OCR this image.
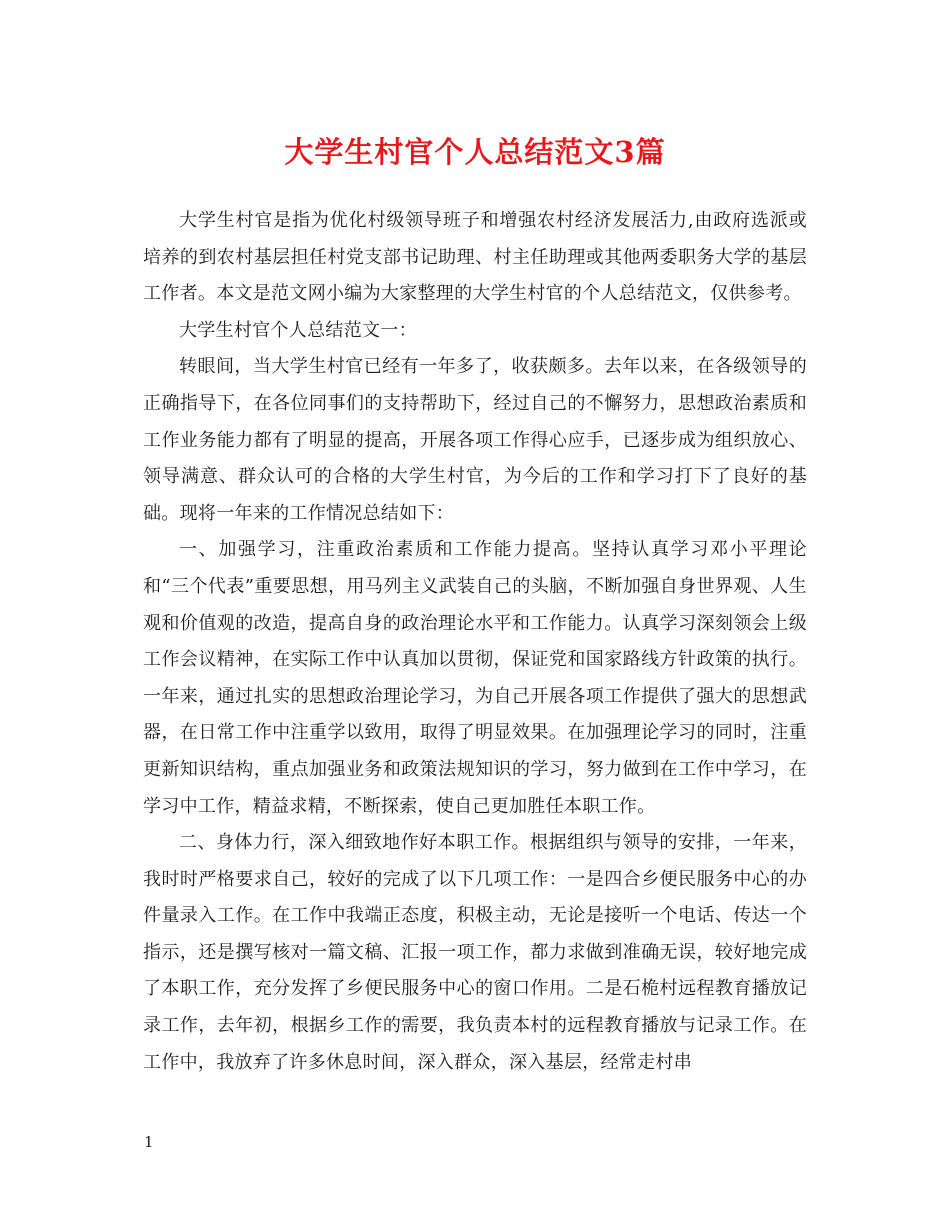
大学生村官个人总结范文3篇

大学生村官是指为优化村级领导班子和增强农村经济发展活力,由政府选派或培养的到农村基层担任村党支部书记助理、村主任助理或其他两委职务大学的基层工作者。本文是范文网小编为大家整理的大学生村官的个人总结范文，仅供参考。

大学生村官个人总结范文一：

转眼间，当大学生村官已经有一年多了，收获颇多。去年以来，在各级领导的正确指导下，在各位同事们的支持帮助下，经过自己的不懈努力，思想政治素质和工作业务能力都有了明显的提高，开展各项工作得心应手，已逐步成为组织放心、领导满意、群众认可的合格的大学生村官，为今后的工作和学习打下了良好的基础。现将一年来的工作情况总结如下：

一、加强学习，注重政治素质和工作能力提高。坚持认真学习邓小平理论和“三个代表”重要思想，用马列主义武装自己的头脑，不断加强自身世界观、人生观和价值观的改造，提高自身的政治理论水平和工作能力。认真学习深刻领会上级工作会议精神，在实际工作中认真加以贯彻，保证党和国家路线方针政策的执行。一年来，通过扎实的思想政治理论学习，为自己开展各项工作提供了强大的思想武器，在日常工作中注重学以致用，取得了明显效果。在加强理论学习的同时，注重更新知识结构，重点加强业务和政策法规知识的学习，努力做到在工作中学习，在学习中工作，精益求精，不断探索，使自己更加胜任本职工作。

二、身体力行，深入细致地作好本职工作。根据组织与领导的安排，一年来，我时时严格要求自己，较好的完成了以下几项工作：一是四合乡便民服务中心的办件量录入工作。在工作中我端正态度，积极主动，无论是接听一个电话、传达一个指示，还是撰写核对一篇文稿、汇报一项工作，都力求做到准确无误，较好地完成了本职工作，充分发挥了乡便民服务中心的窗口作用。二是石桅村远程教育播放记录工作，去年初，根据乡工作的需要，我负责本村的远程教育播放与记录工作。在工作中，我放弃了许多休息时间，深入群众，深入基层，经常走村串

1
